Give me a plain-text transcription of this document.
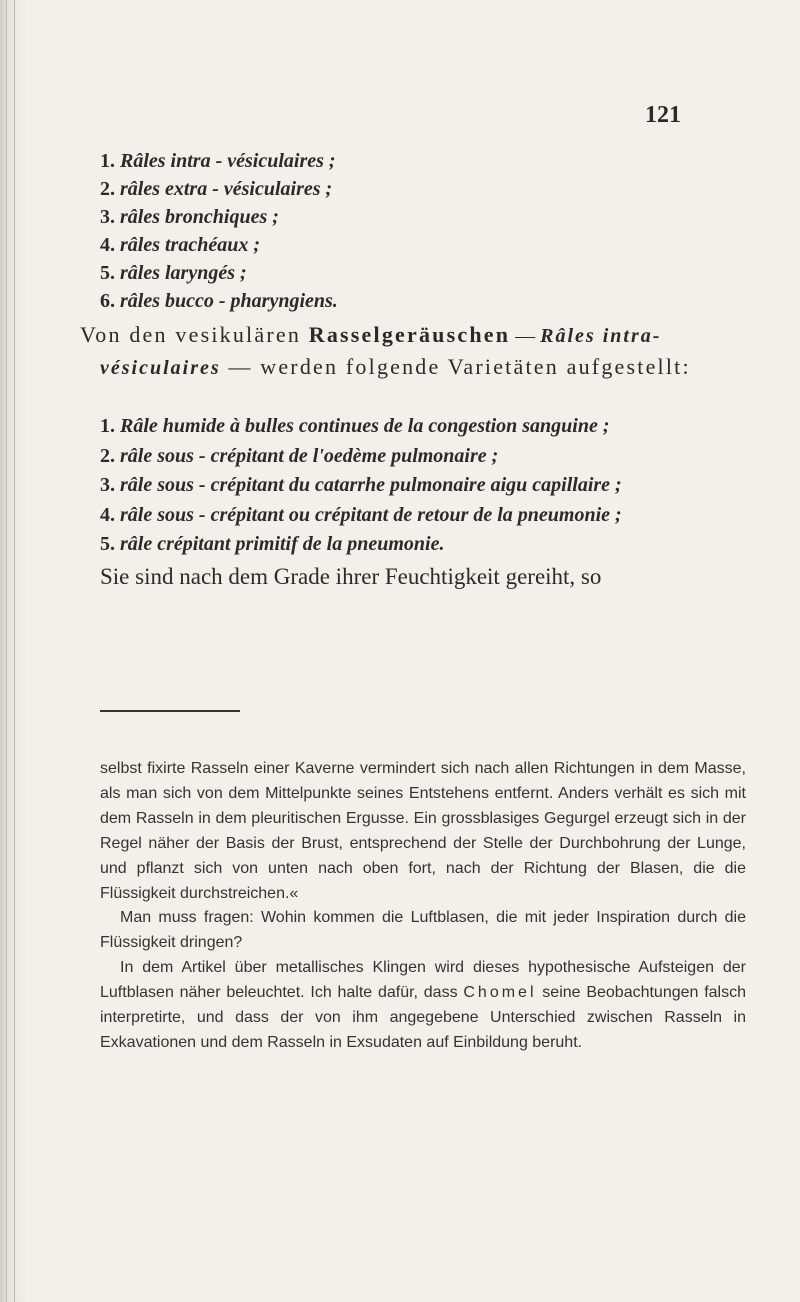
121
1. Râles intra - vésiculaires ;
2. râles extra - vésiculaires ;
3. râles bronchiques ;
4. râles trachéaux ;
5. râles laryngés ;
6. râles bucco - pharyngiens.
Von den vesikulären Rasselgeräuschen — Râles intra-vésiculaires — werden folgende Varietäten aufgestellt:
1. Râle humide à bulles continues de la congestion sanguine ;
2. râle sous - crépitant de l'oedème pulmonaire ;
3. râle sous - crépitant du catarrhe pulmonaire aigu capillaire ;
4. râle sous - crépitant ou crépitant de retour de la pneumonie ;
5. râle crépitant primitif de la pneumonie.
Sie sind nach dem Grade ihrer Feuchtigkeit gereiht, so

selbst fixirte Rasseln einer Kaverne vermindert sich nach allen Richtungen in dem Masse, als man sich von dem Mittelpunkte seines Entstehens entfernt. Anders verhält es sich mit dem Rasseln in dem pleuritischen Ergusse. Ein grossblasiges Gegurgel erzeugt sich in der Regel näher der Basis der Brust, entsprechend der Stelle der Durchbohrung der Lunge, und pflanzt sich von unten nach oben fort, nach der Richtung der Blasen, die die Flüssigkeit durchstreichen.«

Man muss fragen: Wohin kommen die Luftblasen, die mit jeder Inspiration durch die Flüssigkeit dringen?

In dem Artikel über metallisches Klingen wird dieses hypothesische Aufsteigen der Luftblasen näher beleuchtet. Ich halte dafür, dass Chomel seine Beobachtungen falsch interpretirte, und dass der von ihm angegebene Unterschied zwischen Rasseln in Exkavationen und dem Rasseln in Exsudaten auf Einbildung beruht.
